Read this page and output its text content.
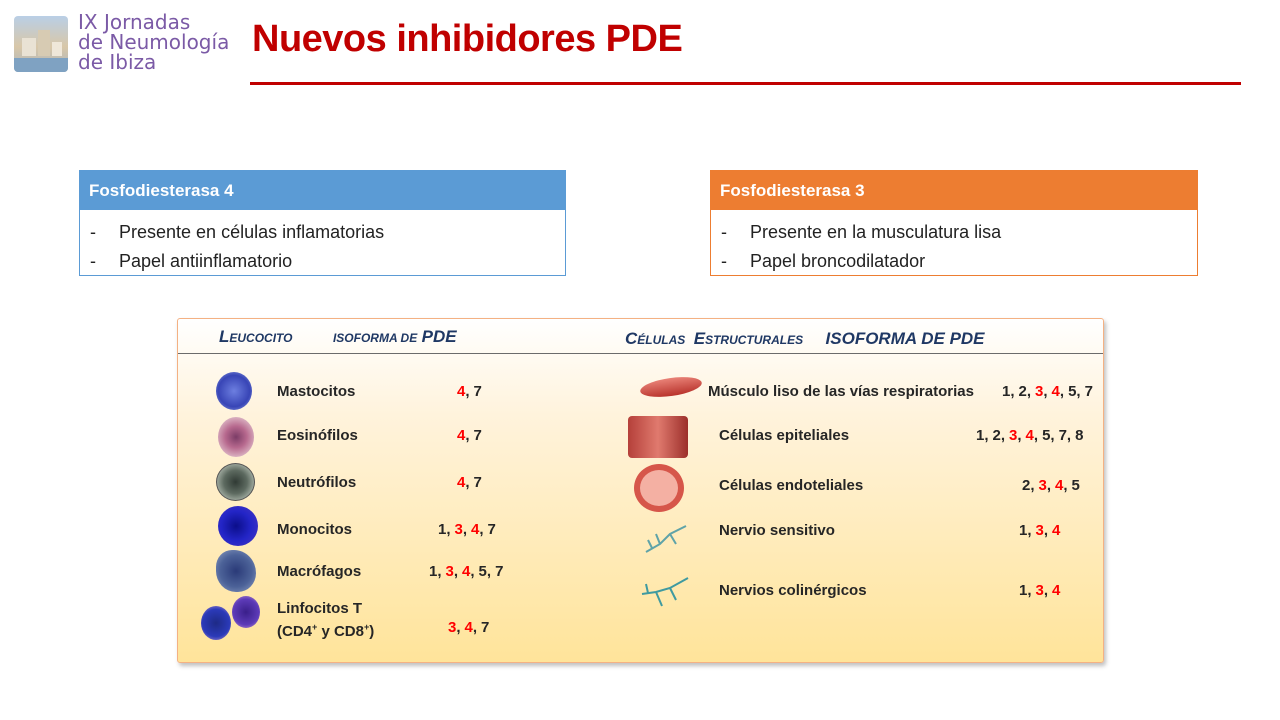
IX Jornadas
de Neumología
de Ibiza
Nuevos inhibidores PDE
Fosfodiesterasa 4
- Presente en células inflamatorias
- Papel antiinflamatorio
Fosfodiesterasa 3
- Presente en la musculatura lisa
- Papel broncodilatador
LEUCOCITO	ISOFORMA DE PDE	CÉLULAS ESTRUCTURALES ISOFORMA DE PDE
Mastocitos
Eosinófilos
Neutrófilos
Monocitos
Macrófagos
Linfocitos T
(CD4+ y CD8+)
4 , 7
4 , 7
4 , 7
1 , 3 , 4 , 7
1 , 3 , 4 , 5 , 7
3 , 4 , 7
Músculo liso de las vías respiratorias
Células epiteliales
Células endoteliales
Nervio sensitivo
Nervios colinérgicos
1 , 2 , 3 , 4 , 5 , 7
1 , 2 , 3 , 4 , 5 , 7 , 8
2 , 3 , 4 , 5
1 , 3 , 4
1 , 3 , 4
